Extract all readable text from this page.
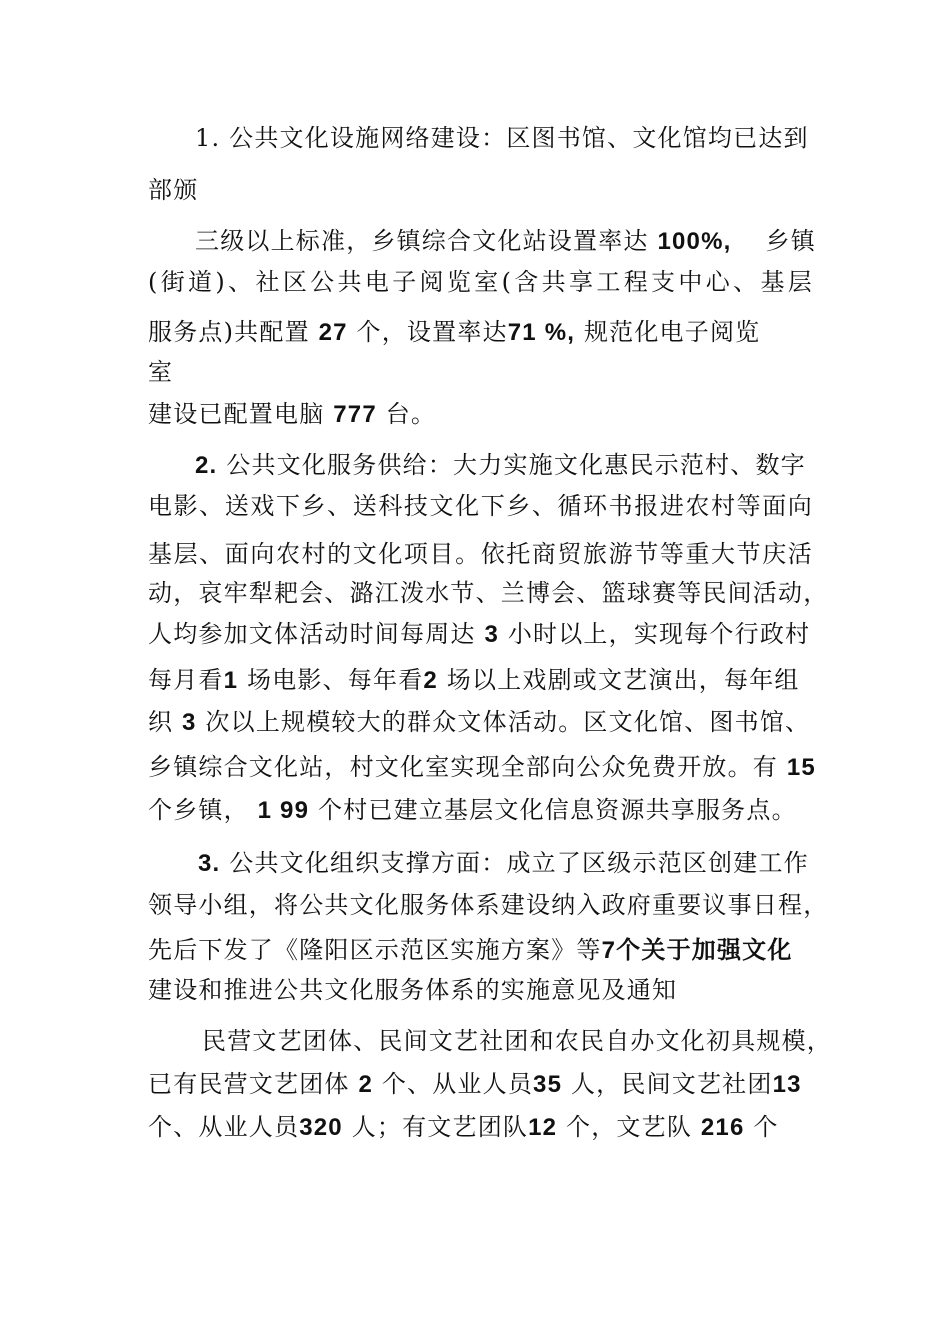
1. 公共文化设施网络建设：区图书馆、文化馆均已达到
部颁
三级以上标准，乡镇综合文化站设置率达 100%,　 乡镇
(街道)、社区公共电子阅览室(含共享工程支中心、基层
服务点)共配置 27 个，设置率达71 %, 规范化电子阅览
室
建设已配置电脑 777 台。
2. 公共文化服务供给：大力实施文化惠民示范村、数字
电影、送戏下乡、送科技文化下乡、循环书报进农村等面向
基层、面向农村的文化项目。依托商贸旅游节等重大节庆活
动，哀牢犁耙会、潞江泼水节、兰博会、篮球赛等民间活动，
人均参加文体活动时间每周达 3 小时以上，实现每个行政村
每月看1 场电影、每年看2 场以上戏剧或文艺演出，每年组
织 3 次以上规模较大的群众文体活动。区文化馆、图书馆、
乡镇综合文化站，村文化室实现全部向公众免费开放。有 15
个乡镇， 1 99 个村已建立基层文化信息资源共享服务点。
3. 公共文化组织支撑方面：成立了区级示范区创建工作
领导小组，将公共文化服务体系建设纳入政府重要议事日程，
先后下发了《隆阳区示范区实施方案》等7个关于加强文化
建设和推进公共文化服务体系的实施意见及通知
民营文艺团体、民间文艺社团和农民自办文化初具规模，
已有民营文艺团体 2 个、从业人员35 人，民间文艺社团13
个、从业人员320 人；有文艺团队12 个，文艺队 216 个
